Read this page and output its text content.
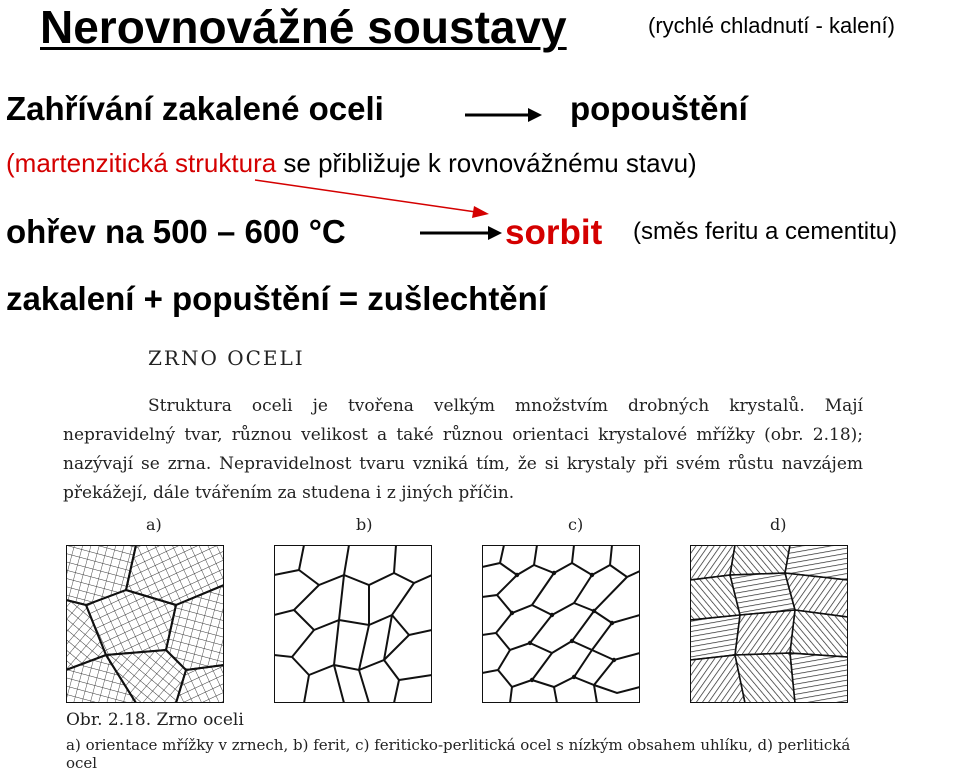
Nerovnovážné soustavy	(rychlé chladnutí - kalení)
Zahřívání zakalené oceli	popouštění
(martenzitická struktura se přibližuje k rovnovážnému stavu)
ohřev na 500 – 600 °C	sorbit (směs feritu a cementitu)
zakalení + popuštění = zušlechtění
ZRNO OCELI
Struktura oceli je tvořena velkým množstvím drobných krystalů. Mají nepravidelný tvar, různou velikost a také různou orientaci krystalové mřížky (obr. 2.18); nazývají se zrna. Nepravidelnost tvaru vzniká tím, že si krystaly při svém růstu navzájem překážejí, dále tvářením za studena i z jiných příčin.
a)	b)	c)	d)
Obr. 2.18. Zrno oceli
a) orientace mřížky v zrnech, b) ferit, c) feriticko-perlitická ocel s nízkým obsahem uhlíku, d) perlitická ocel
